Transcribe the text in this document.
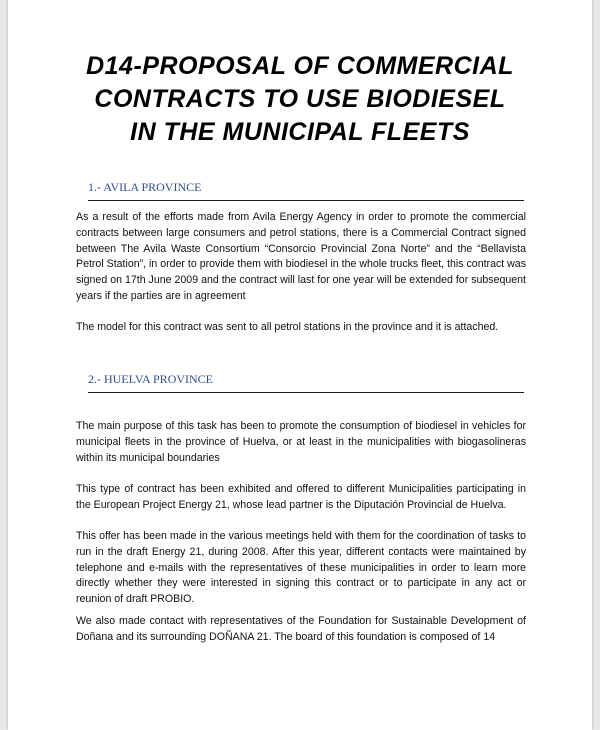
D14-PROPOSAL OF COMMERCIAL
CONTRACTS TO USE BIODIESEL
IN THE MUNICIPAL FLEETS
1.- AVILA PROVINCE

As a result of the efforts made from Avila Energy Agency in order to promote the commercial contracts between large consumers and petrol stations, there is a Commercial Contract signed between The Avila Waste Consortium “Consorcio Provincial Zona Norte” and the “Bellavista Petrol Station”, in order to provide them with biodiesel in the whole trucks fleet, this contract was signed on 17th June 2009 and the contract will last for one year will be extended for subsequent years if the parties are in agreement

The model for this contract was sent to all petrol stations in the province and it is attached.

2.- HUELVA PROVINCE

The main purpose of this task has been to promote the consumption of biodiesel in vehicles for municipal fleets in the province of Huelva, or at least in the municipalities with biogasolineras within its municipal boundaries

This type of contract has been exhibited and offered to different Municipalities participating in the European Project Energy 21, whose lead partner is the Diputación Provincial de Huelva.

This offer has been made in the various meetings held with them for the coordination of tasks to run in the draft Energy 21, during 2008. After this year, different contacts were maintained by telephone and e-mails with the representatives of these municipalities in order to learn more directly whether they were interested in signing this contract or to participate in any act or reunion of draft PROBIO.

We also made contact with representatives of the Foundation for Sustainable Development of Doñana and its surrounding DOÑANA 21. The board of this foundation is composed of 14
